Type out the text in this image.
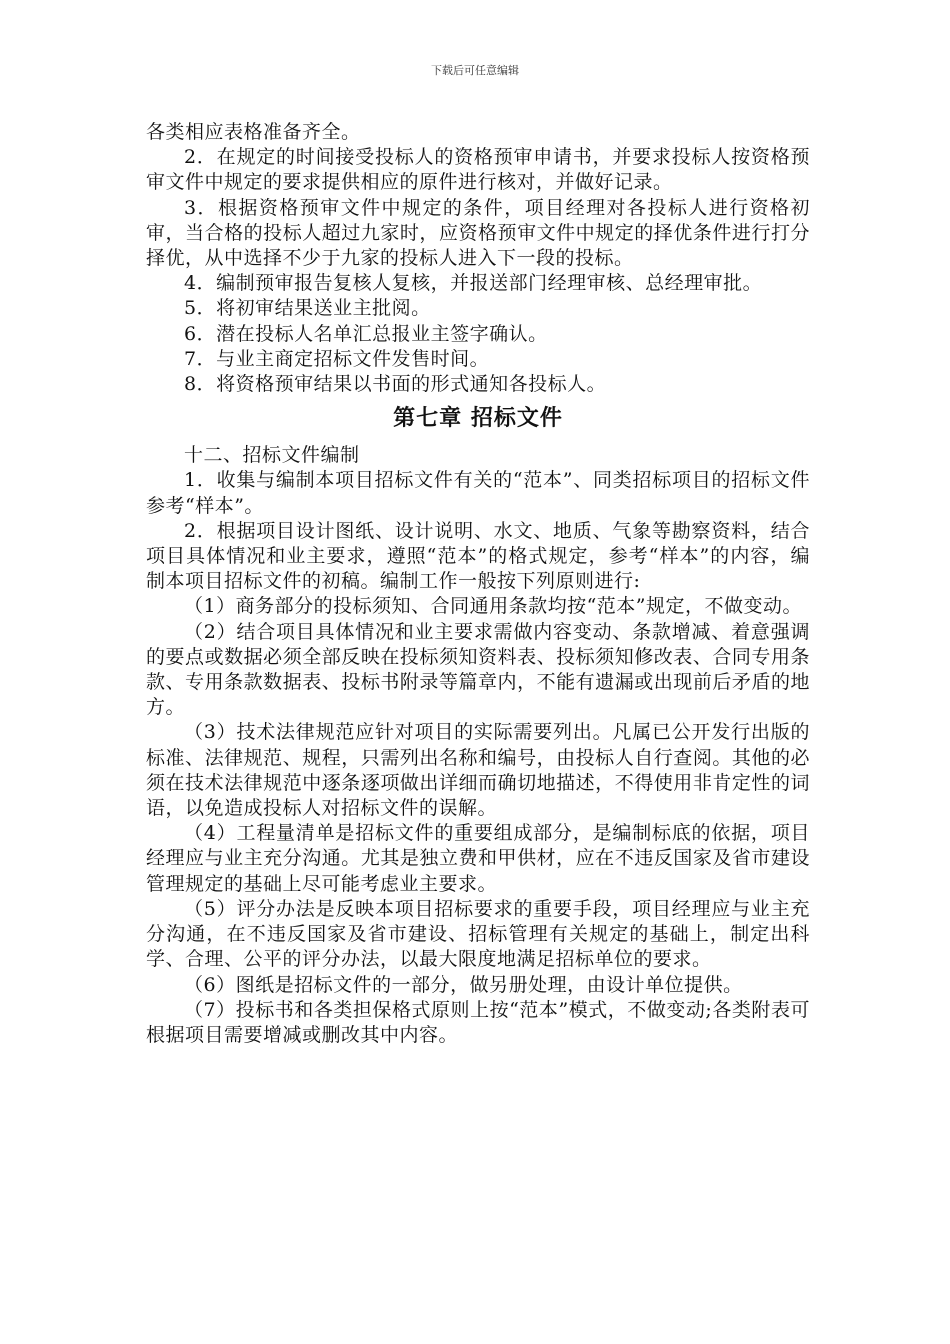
下载后可任意编辑

各类相应表格准备齐全。

2．在规定的时间接受投标人的资格预审申请书，并要求投标人按资格预审文件中规定的要求提供相应的原件进行核对，并做好记录。

3．根据资格预审文件中规定的条件，项目经理对各投标人进行资格初审，当合格的投标人超过九家时，应资格预审文件中规定的择优条件进行打分择优，从中选择不少于九家的投标人进入下一段的投标。

4．编制预审报告复核人复核，并报送部门经理审核、总经理审批。

5．将初审结果送业主批阅。

6．潜在投标人名单汇总报业主签字确认。

7．与业主商定招标文件发售时间。

8．将资格预审结果以书面的形式通知各投标人。

第七章 招标文件

十二、招标文件编制

1．收集与编制本项目招标文件有关的“范本”、同类招标项目的招标文件参考“样本”。

2．根据项目设计图纸、设计说明、水文、地质、气象等勘察资料，结合项目具体情况和业主要求，遵照“范本”的格式规定，参考“样本”的内容，编制本项目招标文件的初稿。编制工作一般按下列原则进行:

（1）商务部分的投标须知、合同通用条款均按“范本”规定，不做变动。

（2）结合项目具体情况和业主要求需做内容变动、条款增减、着意强调的要点或数据必须全部反映在投标须知资料表、投标须知修改表、合同专用条款、专用条款数据表、投标书附录等篇章内，不能有遗漏或出现前后矛盾的地方。

（3）技术法律规范应针对项目的实际需要列出。凡属已公开发行出版的标准、法律规范、规程，只需列出名称和编号，由投标人自行查阅。其他的必须在技术法律规范中逐条逐项做出详细而确切地描述，不得使用非肯定性的词语，以免造成投标人对招标文件的误解。

（4）工程量清单是招标文件的重要组成部分，是编制标底的依据，项目经理应与业主充分沟通。尤其是独立费和甲供材，应在不违反国家及省市建设管理规定的基础上尽可能考虑业主要求。

（5）评分办法是反映本项目招标要求的重要手段，项目经理应与业主充分沟通，在不违反国家及省市建设、招标管理有关规定的基础上，制定出科学、合理、公平的评分办法，以最大限度地满足招标单位的要求。

（6）图纸是招标文件的一部分，做另册处理，由设计单位提供。

（7）投标书和各类担保格式原则上按“范本”模式，不做变动;各类附表可根据项目需要增减或删改其中内容。
